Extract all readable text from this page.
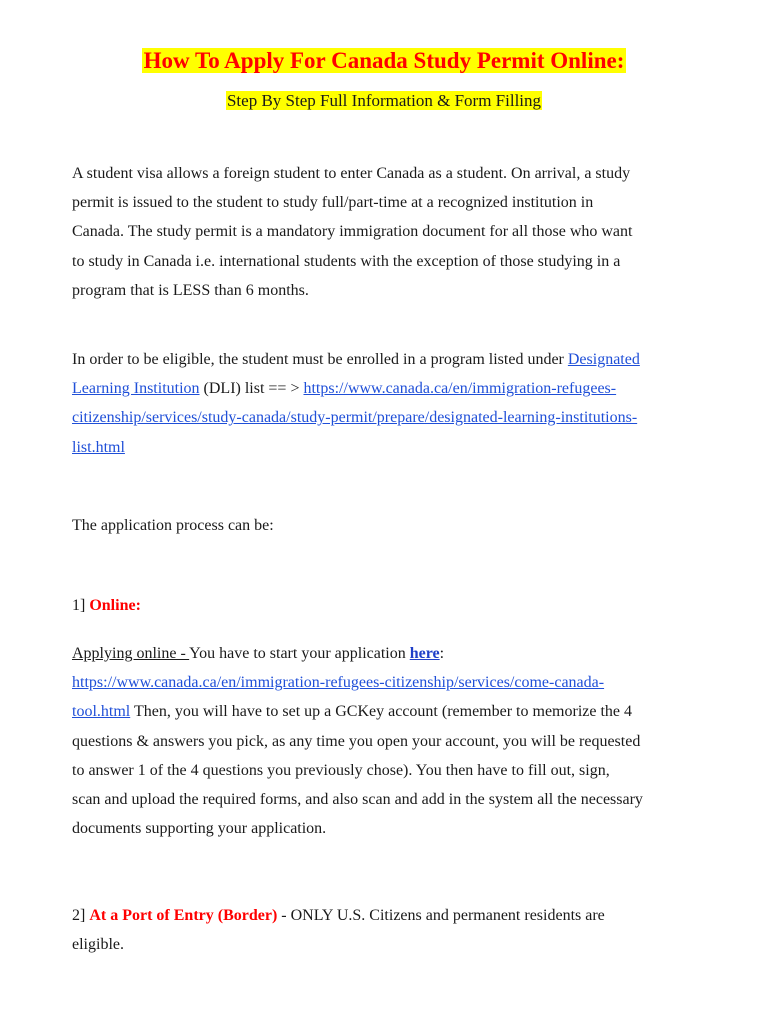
How To Apply For Canada Study Permit Online:
Step By Step Full Information & Form Filling

A student visa allows a foreign student to enter Canada as a student. On arrival, a study
permit is issued to the student to study full/part-time at a recognized institution in
Canada. The study permit is a mandatory immigration document for all those who want
to study in Canada i.e. international students with the exception of those studying in a
program that is LESS than 6 months.

In order to be eligible, the student must be enrolled in a program listed under Designated
Learning Institution (DLI) list == > https://www.canada.ca/en/immigration-refugees-
citizenship/services/study-canada/study-permit/prepare/designated-learning-institutions-
list.html

The application process can be:

1] Online:

Applying online - You have to start your application here:
https://www.canada.ca/en/immigration-refugees-citizenship/services/come-canada-
tool.html Then, you will have to set up a GCKey account (remember to memorize the 4
questions & answers you pick, as any time you open your account, you will be requested
to answer 1 of the 4 questions you previously chose). You then have to fill out, sign,
scan and upload the required forms, and also scan and add in the system all the necessary
documents supporting your application.

2] At a Port of Entry (Border) - ONLY U.S. Citizens and permanent residents are
eligible.
